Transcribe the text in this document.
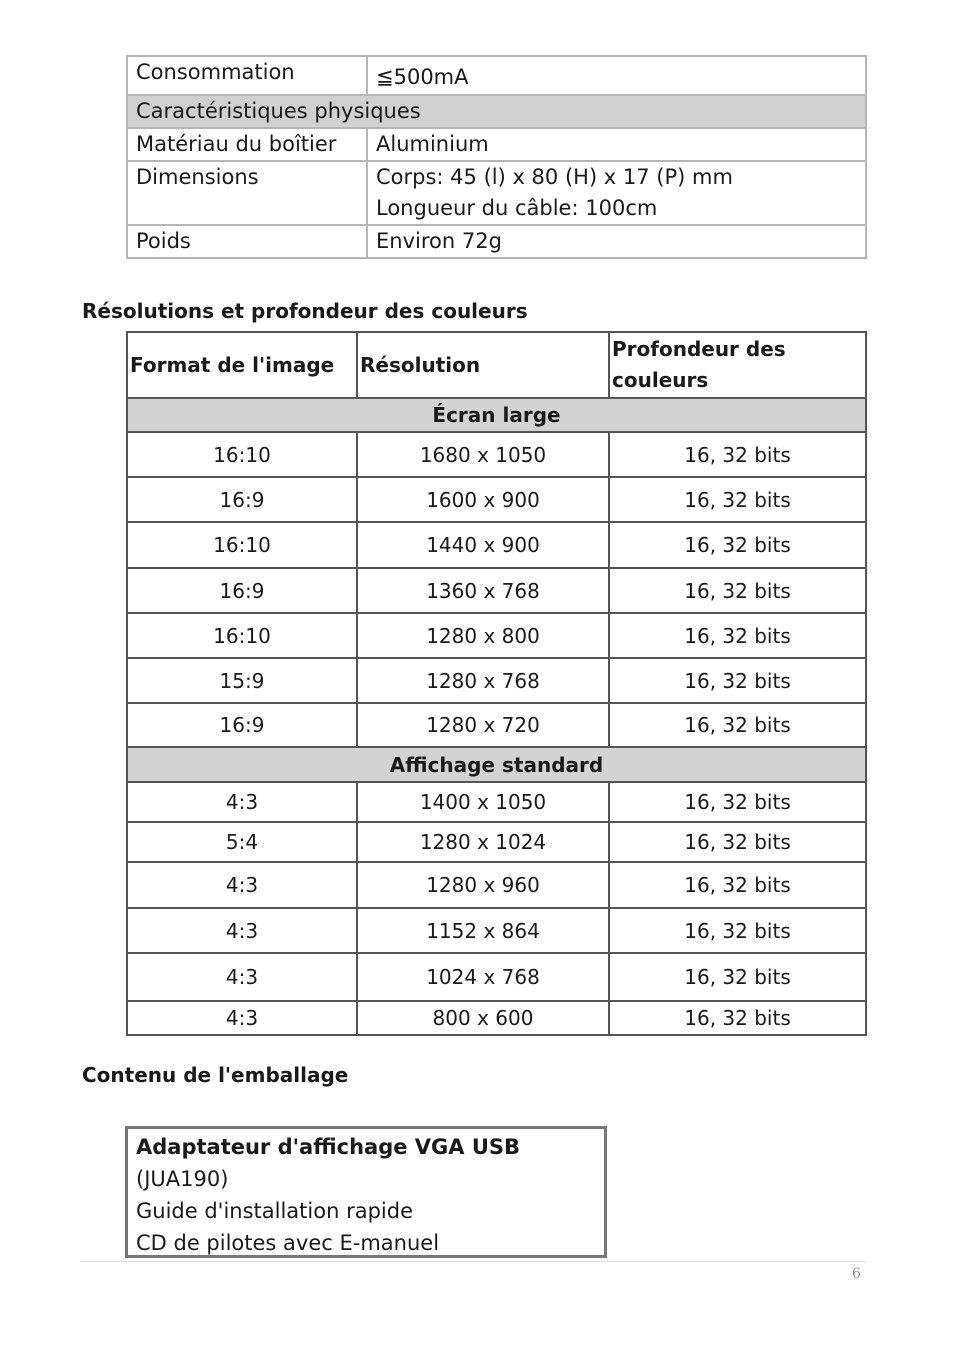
Consommation	≦500mA
Caractéristiques physiques	
Matériau du boîtier	Aluminium
Dimensions	Corps: 45 (l) x 80 (H) x 17 (P) mm
Longueur du câble: 100cm

Poids	Environ 72g
Résolutions et profondeur des couleurs
Format de l'image	Résolution	Profondeur des couleurs
Écran large		
16:10	1680 x 1050	16, 32 bits
16:9	1600 x 900	16, 32 bits
16:10	1440 x 900	16, 32 bits
16:9	1360 x 768	16, 32 bits
16:10	1280 x 800	16, 32 bits
15:9	1280 x 768	16, 32 bits
16:9	1280 x 720	16, 32 bits
Affichage standard		
4:3	1400 x 1050	16, 32 bits
5:4	1280 x 1024	16, 32 bits
4:3	1280 x 960	16, 32 bits
4:3	1152 x 864	16, 32 bits
4:3	1024 x 768	16, 32 bits
4:3	800 x 600	16, 32 bits
Contenu de l'emballage
Adaptateur d'affichage VGA USB
(JUA190)
Guide d'installation rapide
CD de pilotes avec E-manuel
6
